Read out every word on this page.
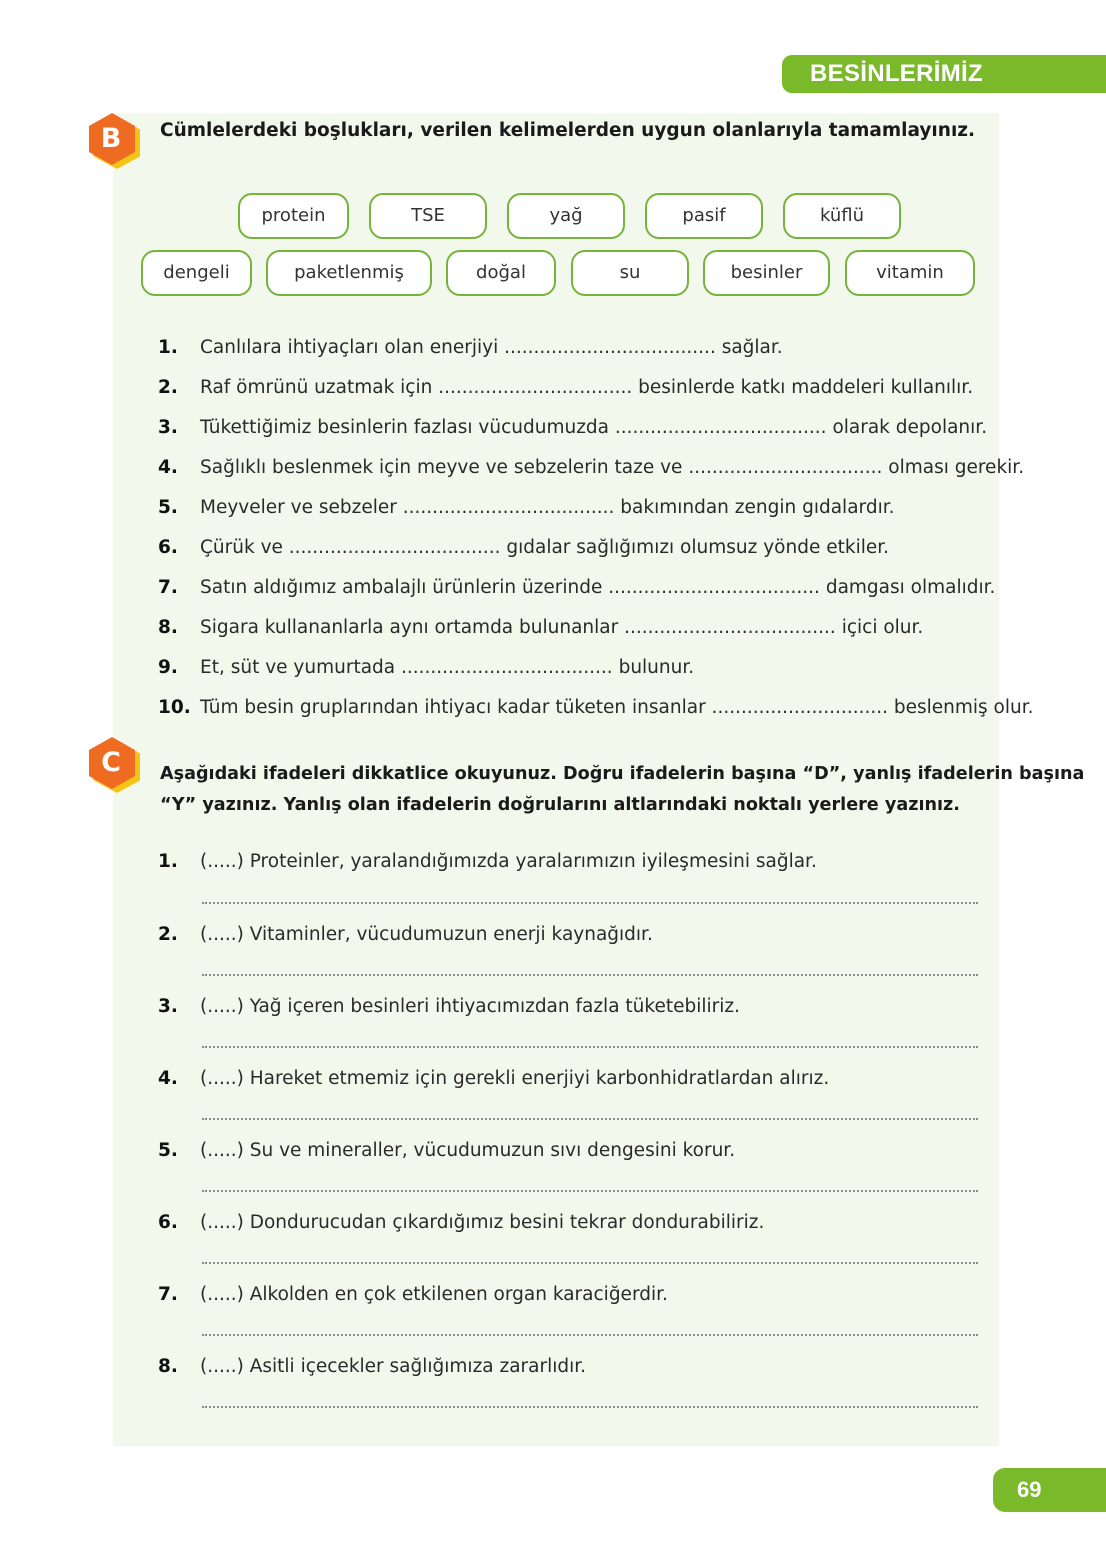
BESİNLERİMİZ
B	Cümlelerdeki boşlukları, verilen kelimelerden uygun olanlarıyla tamamlayınız.
protein	TSE	yağ	pasif	küflü
dengeli	paketlenmiş	doğal	su	besinler	vitamin
1. Canlılara ihtiyaçları olan enerjiyi .................................... sağlar.
2. Raf ömrünü uzatmak için ................................. besinlerde katkı maddeleri kullanılır.
3. Tükettiğimiz besinlerin fazlası vücudumuzda .................................... olarak depolanır.
4. Sağlıklı beslenmek için meyve ve sebzelerin taze ve ................................. olması gerekir.
5. Meyveler ve sebzeler .................................... bakımından zengin gıdalardır.
6. Çürük ve .................................... gıdalar sağlığımızı olumsuz yönde etkiler.
7. Satın aldığımız ambalajlı ürünlerin üzerinde .................................... damgası olmalıdır.
8. Sigara kullananlarla aynı ortamda bulunanlar .................................... içici olur.
9. Et, süt ve yumurtada .................................... bulunur.
10. Tüm besin gruplarından ihtiyacı kadar tüketen insanlar .............................. beslenmiş olur.
C	Aşağıdaki ifadeleri dikkatlice okuyunuz. Doğru ifadelerin başına “D”, yanlış ifadelerin başına
“Y” yazınız. Yanlış olan ifadelerin doğrularını altlarındaki noktalı yerlere yazınız.
1. (.....) Proteinler, yaralandığımızda yaralarımızın iyileşmesini sağlar.
2. (.....) Vitaminler, vücudumuzun enerji kaynağıdır.
3. (.....) Yağ içeren besinleri ihtiyacımızdan fazla tüketebiliriz.
4. (.....) Hareket etmemiz için gerekli enerjiyi karbonhidratlardan alırız.
5. (.....) Su ve mineraller, vücudumuzun sıvı dengesini korur.
6. (.....) Dondurucudan çıkardığımız besini tekrar dondurabiliriz.
7. (.....) Alkolden en çok etkilenen organ karaciğerdir.
8. (.....) Asitli içecekler sağlığımıza zararlıdır.
69
